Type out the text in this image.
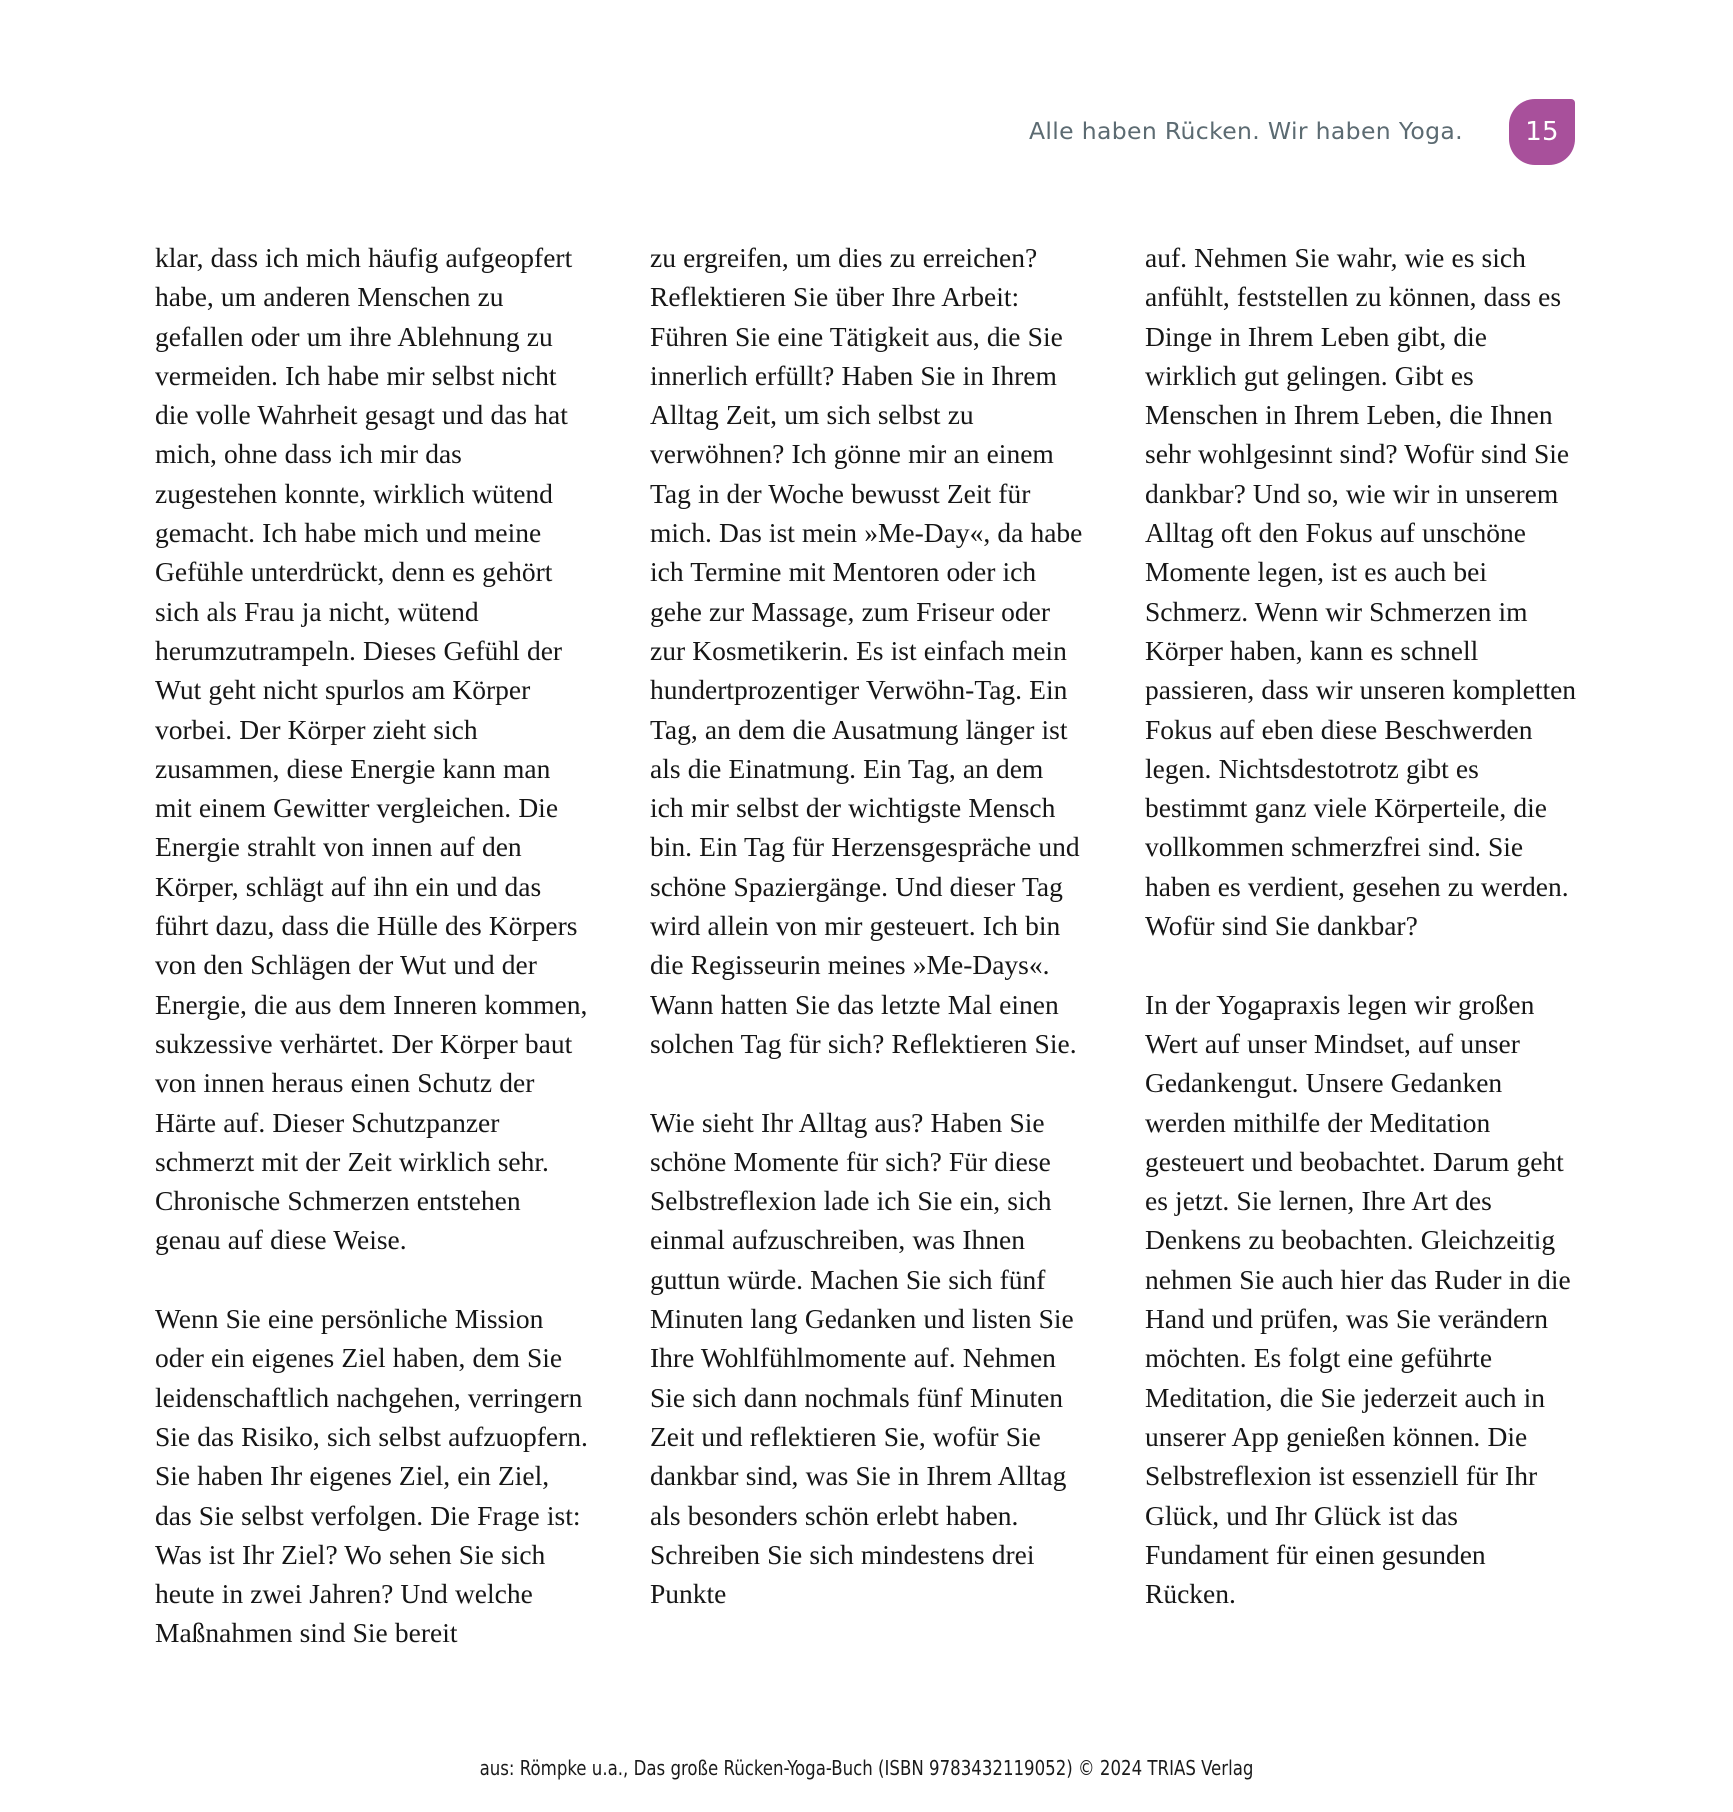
Alle haben Rücken. Wir haben Yoga.	15

klar, dass ich mich häufig aufgeopfert habe, um anderen Menschen zu gefallen oder um ihre Ablehnung zu vermeiden. Ich habe mir selbst nicht die volle Wahrheit gesagt und das hat mich, ohne dass ich mir das zugestehen konnte, wirklich wütend gemacht. Ich habe mich und meine Gefühle unterdrückt, denn es gehört sich als Frau ja nicht, wütend herumzutrampeln. Dieses Gefühl der Wut geht nicht spurlos am Körper vorbei. Der Körper zieht sich zusammen, diese Energie kann man mit einem Gewitter vergleichen. Die Energie strahlt von innen auf den Körper, schlägt auf ihn ein und das führt dazu, dass die Hülle des Körpers von den Schlägen der Wut und der Energie, die aus dem Inneren kommen, sukzessive verhärtet. Der Körper baut von innen heraus einen Schutz der Härte auf. Dieser Schutzpanzer schmerzt mit der Zeit wirklich sehr. Chronische Schmerzen entstehen genau auf diese Weise.

Wenn Sie eine persönliche Mission oder ein eigenes Ziel haben, dem Sie leidenschaftlich nachgehen, verringern Sie das Risiko, sich selbst aufzuopfern. Sie haben Ihr eigenes Ziel, ein Ziel, das Sie selbst verfolgen. Die Frage ist: Was ist Ihr Ziel? Wo sehen Sie sich heute in zwei Jahren? Und welche Maßnahmen sind Sie bereit

zu ergreifen, um dies zu erreichen? Reflektieren Sie über Ihre Arbeit: Führen Sie eine Tätigkeit aus, die Sie innerlich erfüllt? Haben Sie in Ihrem Alltag Zeit, um sich selbst zu verwöhnen? Ich gönne mir an einem Tag in der Woche bewusst Zeit für mich. Das ist mein »Me-Day«, da habe ich Termine mit Mentoren oder ich gehe zur Massage, zum Friseur oder zur Kosmetikerin. Es ist einfach mein hundertprozentiger Verwöhn-Tag. Ein Tag, an dem die Ausatmung länger ist als die Einatmung. Ein Tag, an dem ich mir selbst der wichtigste Mensch bin. Ein Tag für Herzensgespräche und schöne Spaziergänge. Und dieser Tag wird allein von mir gesteuert. Ich bin die Regisseurin meines »Me-Days«. Wann hatten Sie das letzte Mal einen solchen Tag für sich? Reflektieren Sie.

Wie sieht Ihr Alltag aus? Haben Sie schöne Momente für sich? Für diese Selbstreflexion lade ich Sie ein, sich einmal aufzuschreiben, was Ihnen guttun würde. Machen Sie sich fünf Minuten lang Gedanken und listen Sie Ihre Wohlfühlmomente auf. Nehmen Sie sich dann nochmals fünf Minuten Zeit und reflektieren Sie, wofür Sie dankbar sind, was Sie in Ihrem Alltag als besonders schön erlebt haben. Schreiben Sie sich mindestens drei Punkte

auf. Nehmen Sie wahr, wie es sich anfühlt, feststellen zu können, dass es Dinge in Ihrem Leben gibt, die wirklich gut gelingen. Gibt es Menschen in Ihrem Leben, die Ihnen sehr wohlgesinnt sind? Wofür sind Sie dankbar? Und so, wie wir in unserem Alltag oft den Fokus auf unschöne Momente legen, ist es auch bei Schmerz. Wenn wir Schmerzen im Körper haben, kann es schnell passieren, dass wir unseren kompletten Fokus auf eben diese Beschwerden legen. Nichtsdestotrotz gibt es bestimmt ganz viele Körperteile, die vollkommen schmerzfrei sind. Sie haben es verdient, gesehen zu werden. Wofür sind Sie dankbar?

In der Yogapraxis legen wir großen Wert auf unser Mindset, auf unser Gedankengut. Unsere Gedanken werden mithilfe der Meditation gesteuert und beobachtet. Darum geht es jetzt. Sie lernen, Ihre Art des Denkens zu beobachten. Gleichzeitig nehmen Sie auch hier das Ruder in die Hand und prüfen, was Sie verändern möchten. Es folgt eine geführte Meditation, die Sie jederzeit auch in unserer App genießen können. Die Selbstreflexion ist essenziell für Ihr Glück, und Ihr Glück ist das Fundament für einen gesunden Rücken.

aus: Römpke u.a., Das große Rücken-Yoga-Buch (ISBN 9783432119052) © 2024 TRIAS Verlag
